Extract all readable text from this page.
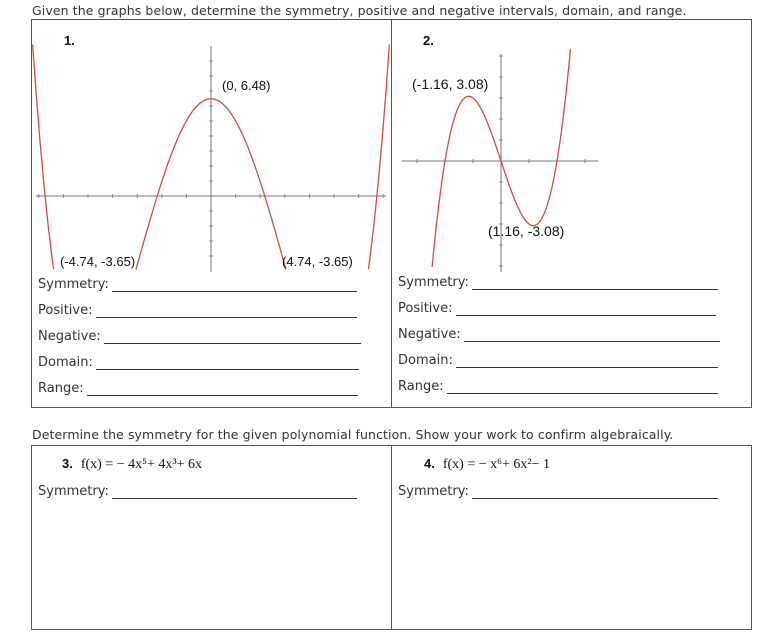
Given the graphs below, determine the symmetry, positive and negative intervals, domain, and range.
1.	2.
(0, 6.48)
(-4.74, -3.65)	(4.74, -3.65)
(-1.16, 3.08)
(1.16, -3.08)
Symmetry:
Positive:
Negative:
Domain:
Range:
Symmetry:
Positive:
Negative:
Domain:
Range:
Determine the symmetry for the given polynomial function. Show your work to confirm algebraically.
3. f(x) = − 4x⁵+ 4x³+ 6x	4. f(x) = − x⁶+ 6x²− 1
Symmetry:	Symmetry:
